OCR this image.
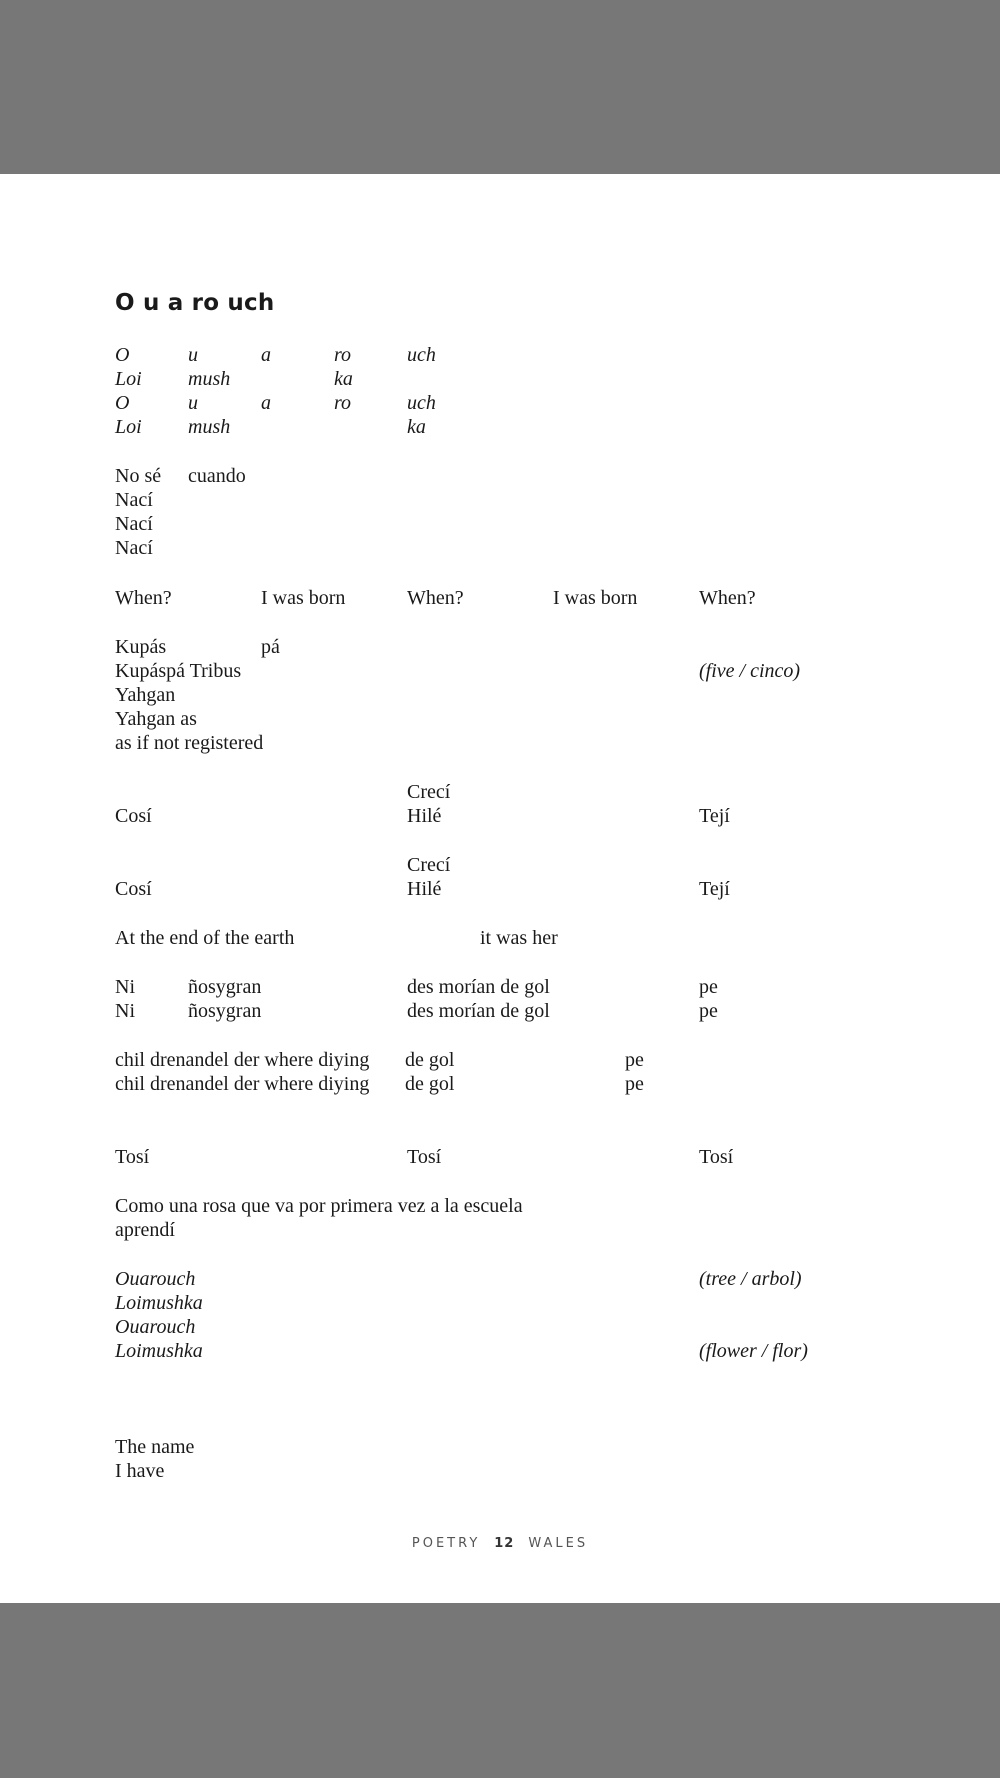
O u a ro uch
O	u	a	ro	uch
Loi mush	ka
O	u	a	ro	uch
Loi mush	ka
No sé cuando
Nací
Nací
Nací
When?	I was born	When?	I was born	When?
Kupás	pá
Kupáspá Tribus	(five / cinco)
Yahgan
Yahgan as
as if not registered
Crecí
Cosí	Hilé	Tejí
Crecí
Cosí	Hilé	Tejí
At the end of the earth	it was her
Ni	ñosygran	des morían de gol	pe
Ni	ñosygran	des morían de gol	pe
chil drenandel der where diying de gol	pe
chil drenandel der where diying de gol	pe
Tosí	Tosí	Tosí
Como una rosa que va por primera vez a la escuela
aprendí
Ouarouch	(tree / arbol)
Loimushka
Ouarouch
Loimushka	(flower / flor)
The name
I have
POETRY 12 WALES
